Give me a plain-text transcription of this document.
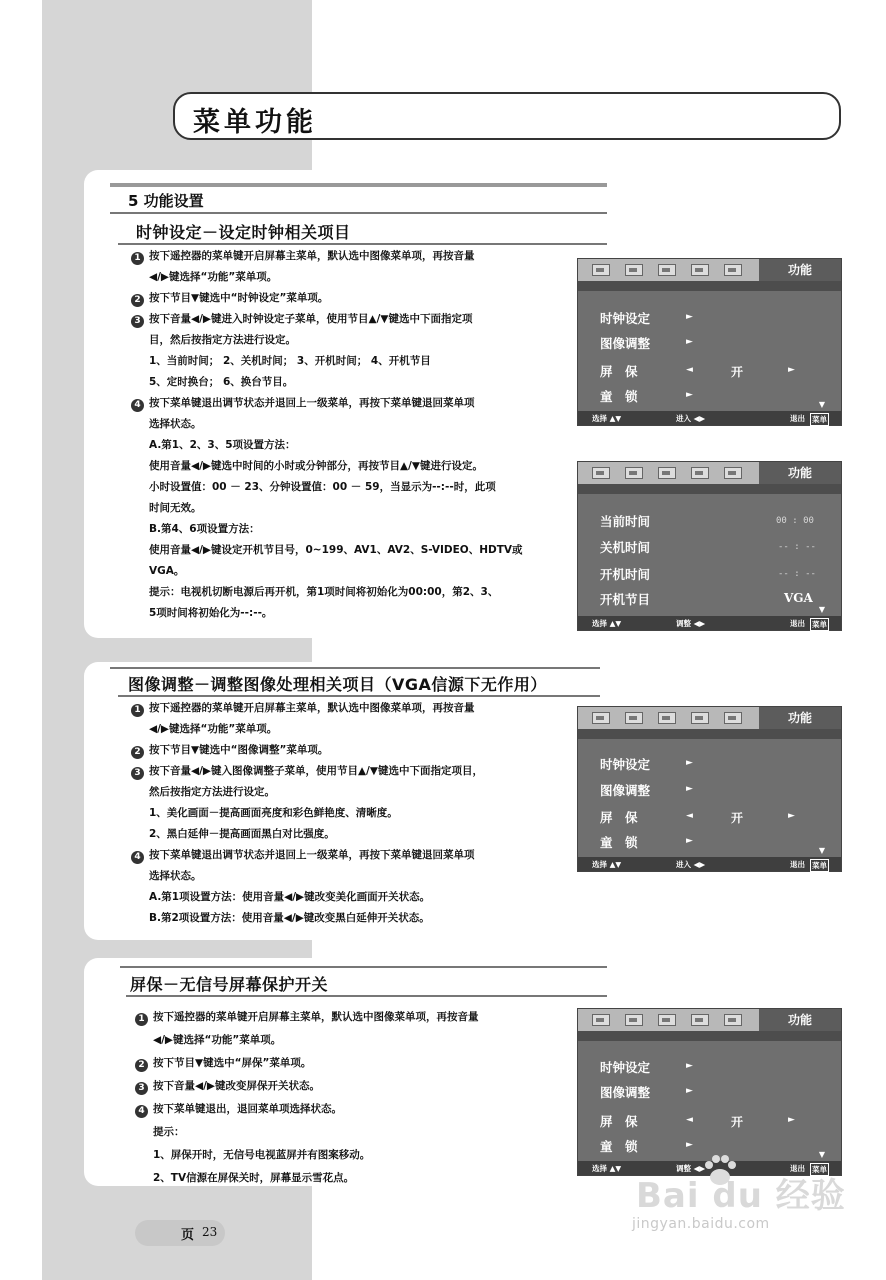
菜单功能
5 功能设置
时钟设定－设定时钟相关项目
1 按下遥控器的菜单键开启屏幕主菜单，默认选中图像菜单项，再按音量
◀/▶键选择“功能”菜单项。
2 按下节目▼键选中“时钟设定”菜单项。
3 按下音量◀/▶键进入时钟设定子菜单，使用节目▲/▼键选中下面指定项
目，然后按指定方法进行设定。
1、当前时间； 2、关机时间； 3、开机时间； 4、开机节目
5、定时换台； 6、换台节目。
4 按下菜单键退出调节状态并退回上一级菜单，再按下菜单键退回菜单项
选择状态。
A.第1、2、3、5项设置方法：
使用音量◀/▶键选中时间的小时或分钟部分，再按节目▲/▼键进行设定。
小时设置值：00 － 23、分钟设置值：00 － 59，当显示为--:--时，此项
时间无效。
B.第4、6项设置方法：
使用音量◀/▶键设定开机节目号，0~199、AV1、AV2、S-VIDEO、HDTV或
VGA。
提示：电视机切断电源后再开机，第1项时间将初始化为00:00，第2、3、
5项时间将初始化为--:--。
功能
时钟设定	►
图像调整	►
屏　保	◄	开	►
童　锁	►
▼
选择 ▲▼	进入 ◀▶	退出 菜单
功能
当前时间	00 : 00
关机时间	-- : --
开机时间	-- : --
开机节目	VGA
▼
选择 ▲▼	调整 ◀▶	退出 菜单
图像调整－调整图像处理相关项目（VGA信源下无作用）
1 按下遥控器的菜单键开启屏幕主菜单，默认选中图像菜单项，再按音量
◀/▶键选择“功能”菜单项。
2 按下节目▼键选中“图像调整”菜单项。
3 按下音量◀/▶键入图像调整子菜单，使用节目▲/▼键选中下面指定项目，
然后按指定方法进行设定。
1、美化画面－提高画面亮度和彩色鲜艳度、清晰度。
2、黑白延伸－提高画面黑白对比强度。
4 按下菜单键退出调节状态并退回上一级菜单，再按下菜单键退回菜单项
选择状态。
A.第1项设置方法：使用音量◀/▶键改变美化画面开关状态。
B.第2项设置方法：使用音量◀/▶键改变黑白延伸开关状态。
功能
时钟设定	►
图像调整	►
屏　保	◄	开	►
童　锁	►
▼
选择 ▲▼	进入 ◀▶	退出 菜单
屏保－无信号屏幕保护开关
1 按下遥控器的菜单键开启屏幕主菜单，默认选中图像菜单项，再按音量
◀/▶键选择“功能”菜单项。
2 按下节目▼键选中“屏保”菜单项。
3 按下音量◀/▶键改变屏保开关状态。
4 按下菜单键退出，退回菜单项选择状态。
提示：
1、屏保开时，无信号电视蓝屏并有图案移动。
2、TV信源在屏保关时，屏幕显示雪花点。
功能
时钟设定	►
图像调整	►
屏　保	◄	开	►
童　锁	►
▼
选择 ▲▼	调整 ◀▶	退出 菜单
页 23
Bai du 经验
jingyan.baidu.com
